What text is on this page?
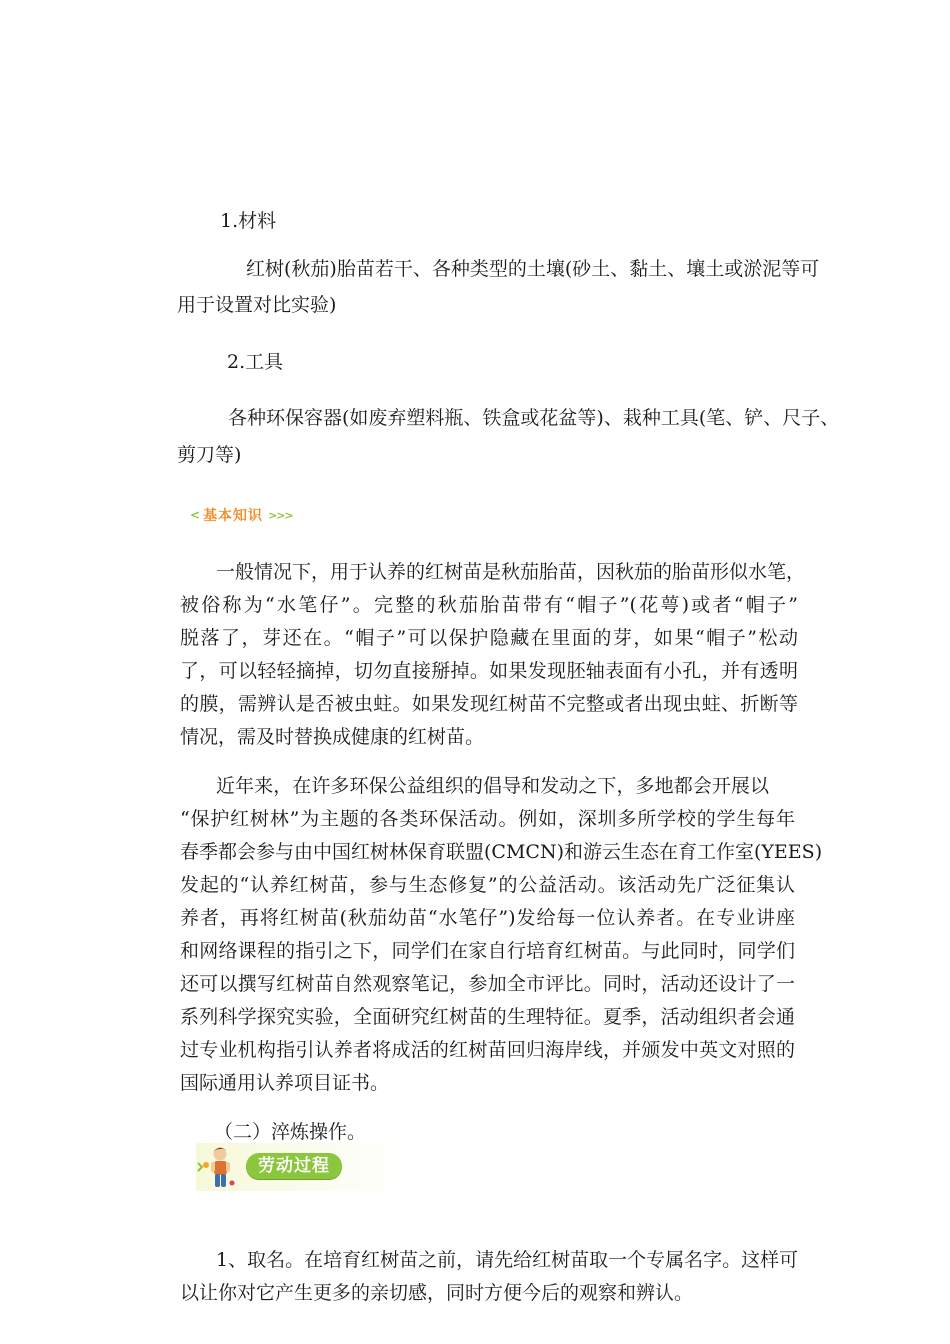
1.材料
红树(秋茄)胎苗若干、各种类型的土壤(砂土、黏土、壤土或淤泥等可
用于设置对比实验)
2.工具
各种环保容器(如废弃塑料瓶、铁盒或花盆等)、栽种工具(笔、铲、尺子、
剪刀等)
< 基本知识 >>>
一般情况下，用于认养的红树苗是秋茄胎苗，因秋茄的胎苗形似水笔，
被俗称为“水笔仔”。完整的秋茄胎苗带有“帽子”(花萼)或者“帽子”
脱落了，芽还在。“帽子”可以保护隐藏在里面的芽，如果“帽子”松动
了，可以轻轻摘掉，切勿直接掰掉。如果发现胚轴表面有小孔，并有透明
的膜，需辨认是否被虫蛀。如果发现红树苗不完整或者出现虫蛀、折断等
情况，需及时替换成健康的红树苗。
近年来，在许多环保公益组织的倡导和发动之下，多地都会开展以
“保护红树林”为主题的各类环保活动。例如，深圳多所学校的学生每年
春季都会参与由中国红树林保育联盟(CMCN)和游云生态在育工作室(YEES)
发起的“认养红树苗，参与生态修复”的公益活动。该活动先广泛征集认
养者，再将红树苗(秋茄幼苗“水笔仔”)发给每一位认养者。在专业讲座
和网络课程的指引之下，同学们在家自行培育红树苗。与此同时，同学们
还可以撰写红树苗自然观察笔记，参加全市评比。同时，活动还设计了一
系列科学探究实验，全面研究红树苗的生理特征。夏季，活动组织者会通
过专业机构指引认养者将成活的红树苗回归海岸线，并颁发中英文对照的
国际通用认养项目证书。
（二）淬炼操作。
劳动过程
1、取名。在培育红树苗之前，请先给红树苗取一个专属名字。这样可
以让你对它产生更多的亲切感，同时方便今后的观察和辨认。
